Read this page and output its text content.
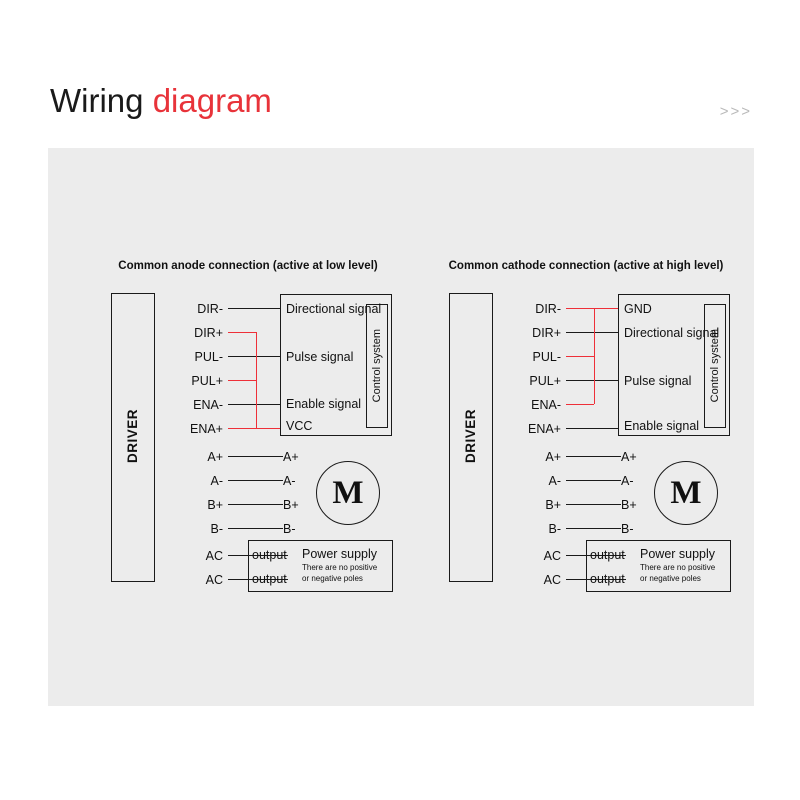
Wiring diagram	>>>
Common anode connection (active at low level)
DRIVER
DIR-
DIR+
PUL-
PUL+
ENA-
ENA+
A+
A-
B+
B-
AC
AC
Control system
Directional signal
Pulse signal
Enable signal
VCC
A+
A-
B+
B-
M
output
output
Power supply
There are no positive
or negative poles
Common cathode connection (active at high level)
DRIVER
DIR-
DIR+
PUL-
PUL+
ENA-
ENA+
A+
A-
B+
B-
AC
AC
Control system
GND
Directional signal
Pulse signal
Enable signal
A+
A-
B+
B-
M
output
output
Power supply
There are no positive
or negative poles
